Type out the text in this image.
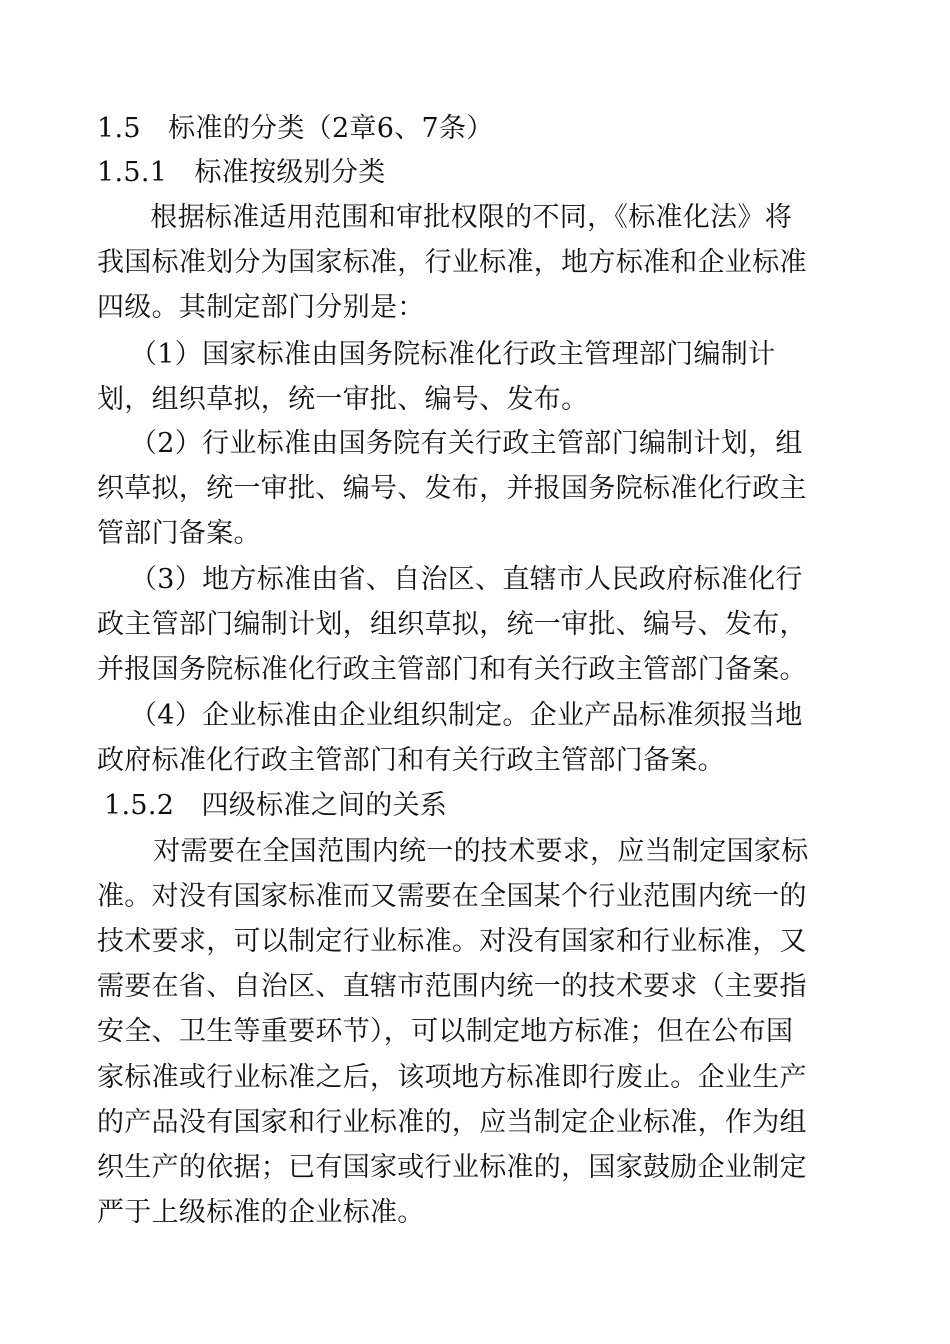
1.5　标准的分类（2章6、7条）
1.5.1　标准按级别分类
　根据标准适用范围和审批权限的不同，《标准化法》将
我国标准划分为国家标准，行业标准，地方标准和企业标准
四级。其制定部门分别是：
（1）国家标准由国务院标准化行政主管理部门编制计
划，组织草拟，统一审批、编号、发布。
（2）行业标准由国务院有关行政主管部门编制计划，组
织草拟，统一审批、编号、发布，并报国务院标准化行政主
管部门备案。
（3）地方标准由省、自治区、直辖市人民政府标准化行
政主管部门编制计划，组织草拟，统一审批、编号、发布，
并报国务院标准化行政主管部门和有关行政主管部门备案。
（4）企业标准由企业组织制定。企业产品标准须报当地
政府标准化行政主管部门和有关行政主管部门备案。
1.5.2　四级标准之间的关系
　对需要在全国范围内统一的技术要求，应当制定国家标
准。对没有国家标准而又需要在全国某个行业范围内统一的
技术要求，可以制定行业标准。对没有国家和行业标准，又
需要在省、自治区、直辖市范围内统一的技术要求（主要指
安全、卫生等重要环节），可以制定地方标准；但在公布国
家标准或行业标准之后，该项地方标准即行废止。企业生产
的产品没有国家和行业标准的，应当制定企业标准，作为组
织生产的依据；已有国家或行业标准的，国家鼓励企业制定
严于上级标准的企业标准。
